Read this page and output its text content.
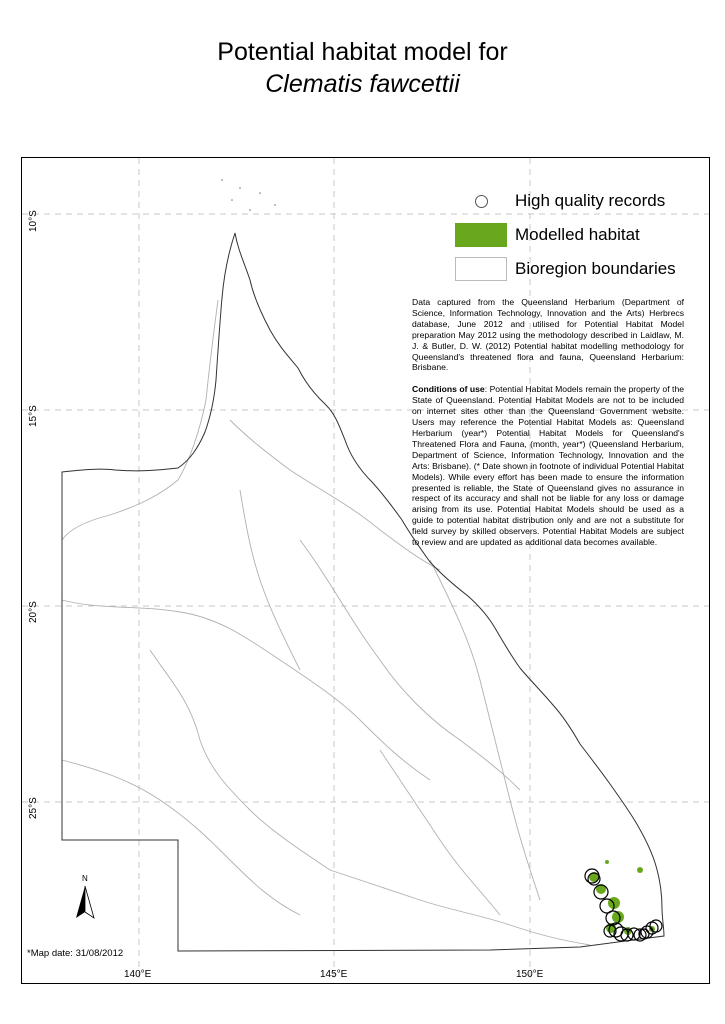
Potential habitat model for
Clematis fawcettii
High quality records
Modelled habitat
Bioregion boundaries

Data captured from the Queensland Herbarium (Department of Science, Information Technology, Innovation and the Arts) Herbrecs database, June 2012 and utilised for Potential Habitat Model preparation May 2012 using the methodology described in Laidlaw, M. J. & Butler, D. W. (2012) Potential habitat modelling methodology for Queensland's threatened flora and fauna, Queensland Herbarium: Brisbane.

Conditions of use: Potential Habitat Models remain the property of the State of Queensland. Potential Habitat Models are not to be included on internet sites other than the Queensland Government website. Users may reference the Potential Habitat Models as: Queensland Herbarium (year*) Potential Habitat Models for Queensland's Threatened Flora and Fauna, (month, year*) (Queensland Herbarium, Department of Science, Information Technology, Innovation and the Arts: Brisbane). (* Date shown in footnote of individual Potential Habitat Models). While every effort has been made to ensure the information presented is reliable, the State of Queensland gives no assurance in respect of its accuracy and shall not be liable for any loss or damage arising from its use. Potential Habitat Models should be used as a guide to potential habitat distribution only and are not a substitute for field survey by skilled observers. Potential Habitat Models are subject to review and are updated as additional data becomes available.

10°S
15°S
20°S
25°S
140°E	145°E	150°E
N
*Map date: 31/08/2012
